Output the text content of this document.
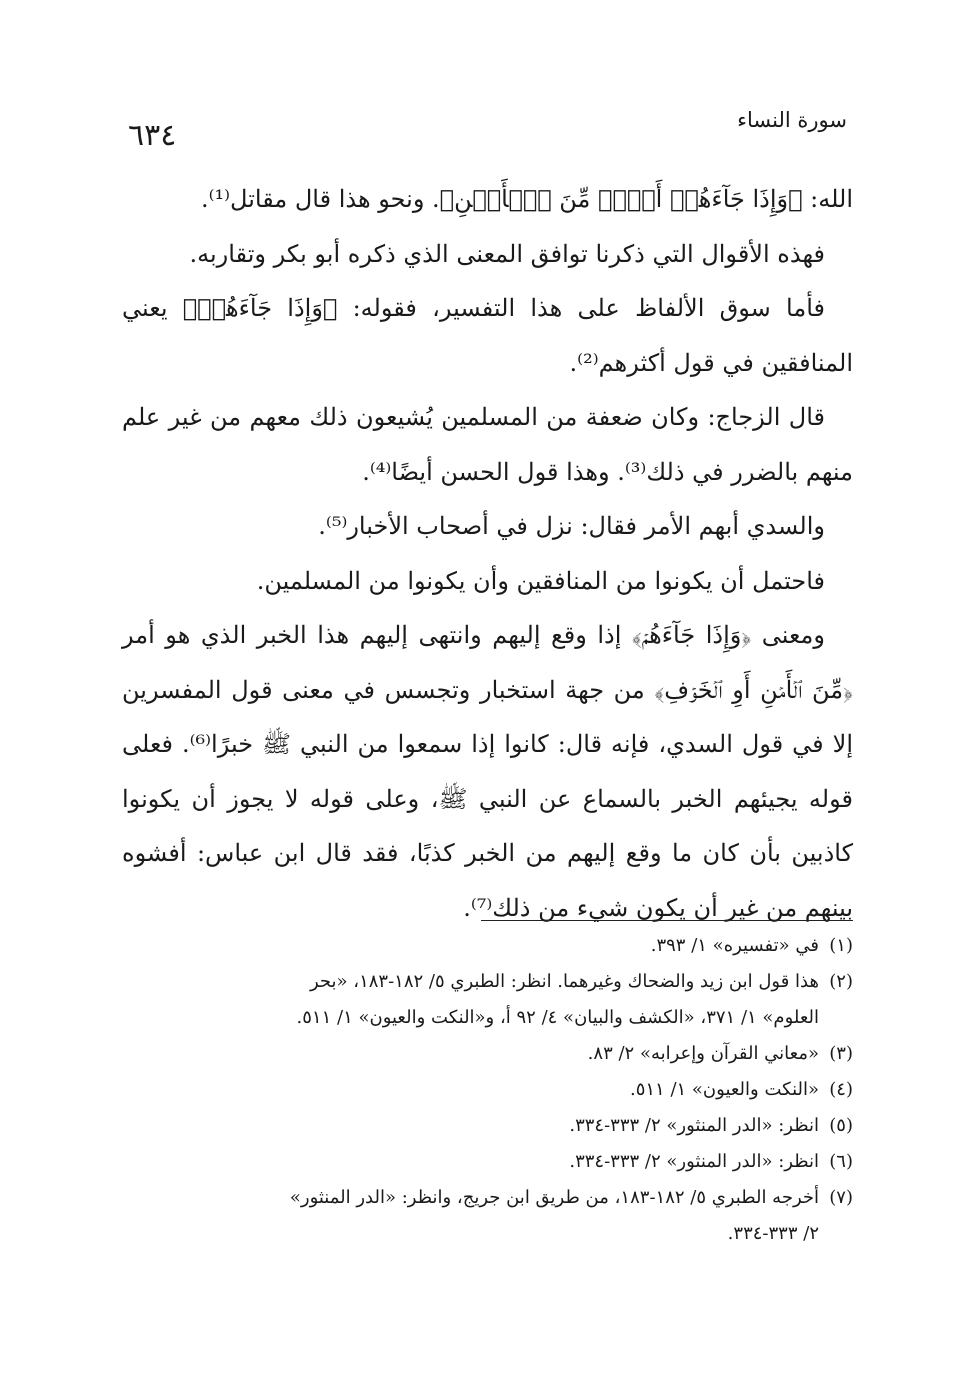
٦٣٤	سورة النساء

الله: ﴿وَإِذَا جَآءَهُمۡ أَمۡرٞ مِّنَ ٱلۡأَمۡنِ﴾. ونحو هذا قال مقاتل⁽¹⁾.

فهذه الأقوال التي ذكرنا توافق المعنى الذي ذكره أبو بكر وتقاربه.

فأما سوق الألفاظ على هذا التفسير، فقوله: ﴿وَإِذَا جَآءَهُمۡ﴾ يعني المنافقين في قول أكثرهم⁽²⁾.

قال الزجاج: وكان ضعفة من المسلمين يُشيعون ذلك معهم من غير علم منهم بالضرر في ذلك⁽³⁾. وهذا قول الحسن أيضًا⁽⁴⁾.

والسدي أبهم الأمر فقال: نزل في أصحاب الأخبار⁽⁵⁾.

فاحتمل أن يكونوا من المنافقين وأن يكونوا من المسلمين.

ومعنى ﴿وَإِذَا جَآءَهُمۡ﴾ إذا وقع إليهم وانتهى إليهم هذا الخبر الذي هو أمر ﴿مِّنَ ٱلۡأَمۡنِ أَوِ ٱلۡخَوۡفِ﴾ من جهة استخبار وتجسس في معنى قول المفسرين إلا في قول السدي، فإنه قال: كانوا إذا سمعوا من النبي ﷺ خبرًا⁽⁶⁾. فعلى قوله يجيئهم الخبر بالسماع عن النبي ﷺ، وعلى قوله لا يجوز أن يكونوا كاذبين بأن كان ما وقع إليهم من الخبر كذبًا، فقد قال ابن عباس: أفشوه بينهم من غير أن يكون شيء من ذلك⁽⁷⁾.

(١)
في «تفسيره» ١/ ٣٩٣.
(٢)
هذا قول ابن زيد والضحاك وغيرهما. انظر: الطبري ٥/ ١٨٢-١٨٣، «بحر
العلوم» ١/ ٣٧١، «الكشف والبيان» ٤/ ٩٢ أ، و«النكت والعيون» ١/ ٥١١.
(٣)
«معاني القرآن وإعرابه» ٢/ ٨٣.
(٤)
«النكت والعيون» ١/ ٥١١.
(٥)
انظر: «الدر المنثور» ٢/ ٣٣٣-٣٣٤.
(٦)
انظر: «الدر المنثور» ٢/ ٣٣٣-٣٣٤.
(٧)
أخرجه الطبري ٥/ ١٨٢-١٨٣، من طريق ابن جريج، وانظر: «الدر المنثور»
٢/ ٣٣٣-٣٣٤.
